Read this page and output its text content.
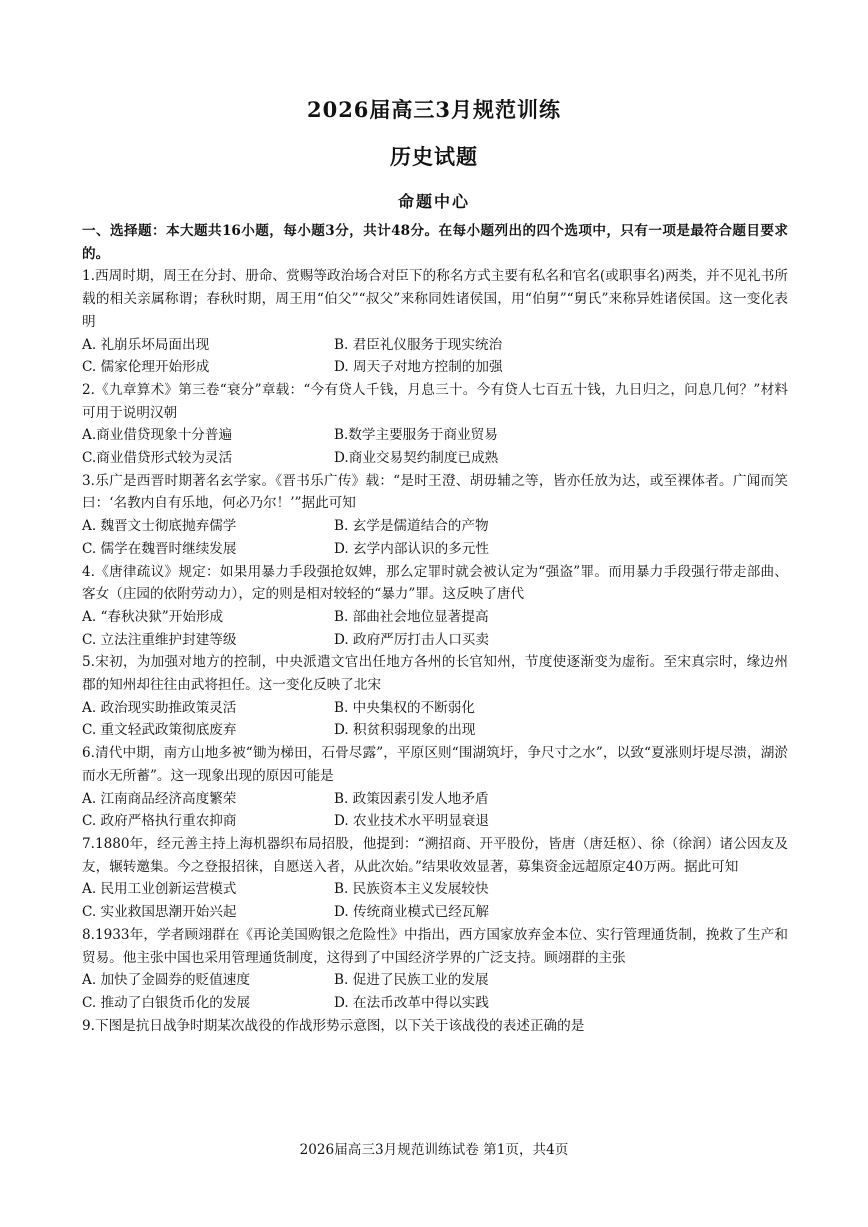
2026届高三3月规范训练
历史试题
命题中心
一、选择题：本大题共16小题，每小题3分，共计48分。在每小题列出的四个选项中，只有一项是最符合题目要求的。
1.西周时期，周王在分封、册命、赏赐等政治场合对臣下的称名方式主要有私名和官名(或职事名)两类，并不见礼书所载的相关亲属称谓；春秋时期，周王用“伯父”“叔父”来称同姓诸侯国，用“伯舅”“舅氏”来称异姓诸侯国。这一变化表明
A. 礼崩乐坏局面出现	B. 君臣礼仪服务于现实统治
C. 儒家伦理开始形成	D. 周天子对地方控制的加强
2.《九章算术》第三卷“衰分”章载：“今有贷人千钱，月息三十。今有贷人七百五十钱，九日归之，问息几何？”材料可用于说明汉朝
A.商业借贷现象十分普遍	B.数学主要服务于商业贸易
C.商业借贷形式较为灵活	D.商业交易契约制度已成熟
3.乐广是西晋时期著名玄学家。《晋书乐广传》载：“是时王澄、胡毋辅之等，皆亦任放为达，或至裸体者。广闻而笑曰：‘名教内自有乐地，何必乃尔！’”据此可知
A. 魏晋文士彻底抛弃儒学	B. 玄学是儒道结合的产物
C. 儒学在魏晋时继续发展	D. 玄学内部认识的多元性
4.《唐律疏议》规定：如果用暴力手段强抢奴婢，那么定罪时就会被认定为“强盗”罪。而用暴力手段强行带走部曲、客女（庄园的依附劳动力），定的则是相对较轻的“暴力”罪。这反映了唐代
A. “春秋决狱”开始形成	B. 部曲社会地位显著提高
C. 立法注重维护封建等级	D. 政府严厉打击人口买卖
5.宋初，为加强对地方的控制，中央派遣文官出任地方各州的长官知州，节度使逐渐变为虚衔。至宋真宗时，缘边州郡的知州却往往由武将担任。这一变化反映了北宋
A. 政治现实助推政策灵活	B. 中央集权的不断弱化
C. 重文轻武政策彻底废弃	D. 积贫积弱现象的出现
6.清代中期，南方山地多被“锄为梯田，石骨尽露”，平原区则“围湖筑圩，争尺寸之水”，以致“夏涨则圩堤尽溃，湖淤而水无所蓄”。这一现象出现的原因可能是
A. 江南商品经济高度繁荣	B. 政策因素引发人地矛盾
C. 政府严格执行重农抑商	D. 农业技术水平明显衰退
7.1880年，经元善主持上海机器织布局招股，他提到：“溯招商、开平股份，皆唐（唐廷枢）、徐（徐润）诸公因友及友，辗转邀集。今之登报招徕，自愿送入者，从此次始。”结果收效显著，募集资金远超原定40万两。据此可知
A. 民用工业创新运营模式	B. 民族资本主义发展较快
C. 实业救国思潮开始兴起	D. 传统商业模式已经瓦解
8.1933年，学者顾翊群在《再论美国购银之危险性》中指出，西方国家放弃金本位、实行管理通货制，挽救了生产和贸易。他主张中国也采用管理通货制度，这得到了中国经济学界的广泛支持。顾翊群的主张
A. 加快了金圆券的贬值速度	B. 促进了民族工业的发展
C. 推动了白银货币化的发展	D. 在法币改革中得以实践
9.下图是抗日战争时期某次战役的作战形势示意图，以下关于该战役的表述正确的是
2026届高三3月规范训练试卷 第1页，共4页
